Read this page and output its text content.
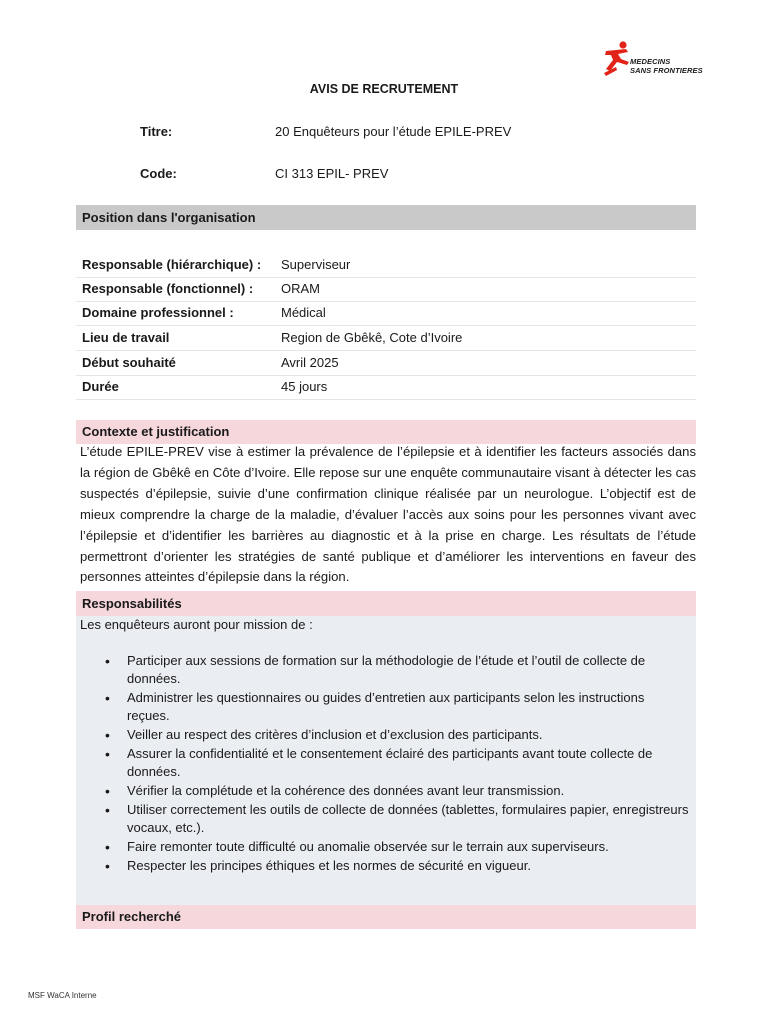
MEDECINS
SANS FRONTIERES
AVIS DE RECRUTEMENT
Titre:	20 Enquêteurs pour l’étude EPILE-PREV
Code:	CI 313 EPIL- PREV
Position dans l'organisation
Responsable (hiérarchique) : Superviseur
Responsable (fonctionnel) : ORAM
Domaine professionnel :	Médical
Lieu de travail	Region de Gbêkê, Cote d’Ivoire
Début souhaité	Avril 2025
Durée	45 jours
Contexte et justification
L’étude EPILE-PREV vise à estimer la prévalence de l’épilepsie et à identifier les facteurs associés dans la région de Gbêkê en Côte d’Ivoire. Elle repose sur une enquête communautaire visant à détecter les cas suspectés d’épilepsie, suivie d’une confirmation clinique réalisée par un neurologue. L’objectif est de mieux comprendre la charge de la maladie, d’évaluer l’accès aux soins pour les personnes vivant avec l’épilepsie et d’identifier les barrières au diagnostic et à la prise en charge. Les résultats de l’étude permettront d’orienter les stratégies de santé publique et d’améliorer les interventions en faveur des personnes atteintes d’épilepsie dans la région.
Responsabilités
Les enquêteurs auront pour mission de :
• Participer aux sessions de formation sur la méthodologie de l’étude et l’outil de collecte de données.
• Administrer les questionnaires ou guides d’entretien aux participants selon les instructions reçues.
• Veiller au respect des critères d’inclusion et d’exclusion des participants.
• Assurer la confidentialité et le consentement éclairé des participants avant toute collecte de données.
• Vérifier la complétude et la cohérence des données avant leur transmission.
• Utiliser correctement les outils de collecte de données (tablettes, formulaires papier, enregistreurs vocaux, etc.).
• Faire remonter toute difficulté ou anomalie observée sur le terrain aux superviseurs.
• Respecter les principes éthiques et les normes de sécurité en vigueur.
Profil recherché
MSF WaCA Interne
